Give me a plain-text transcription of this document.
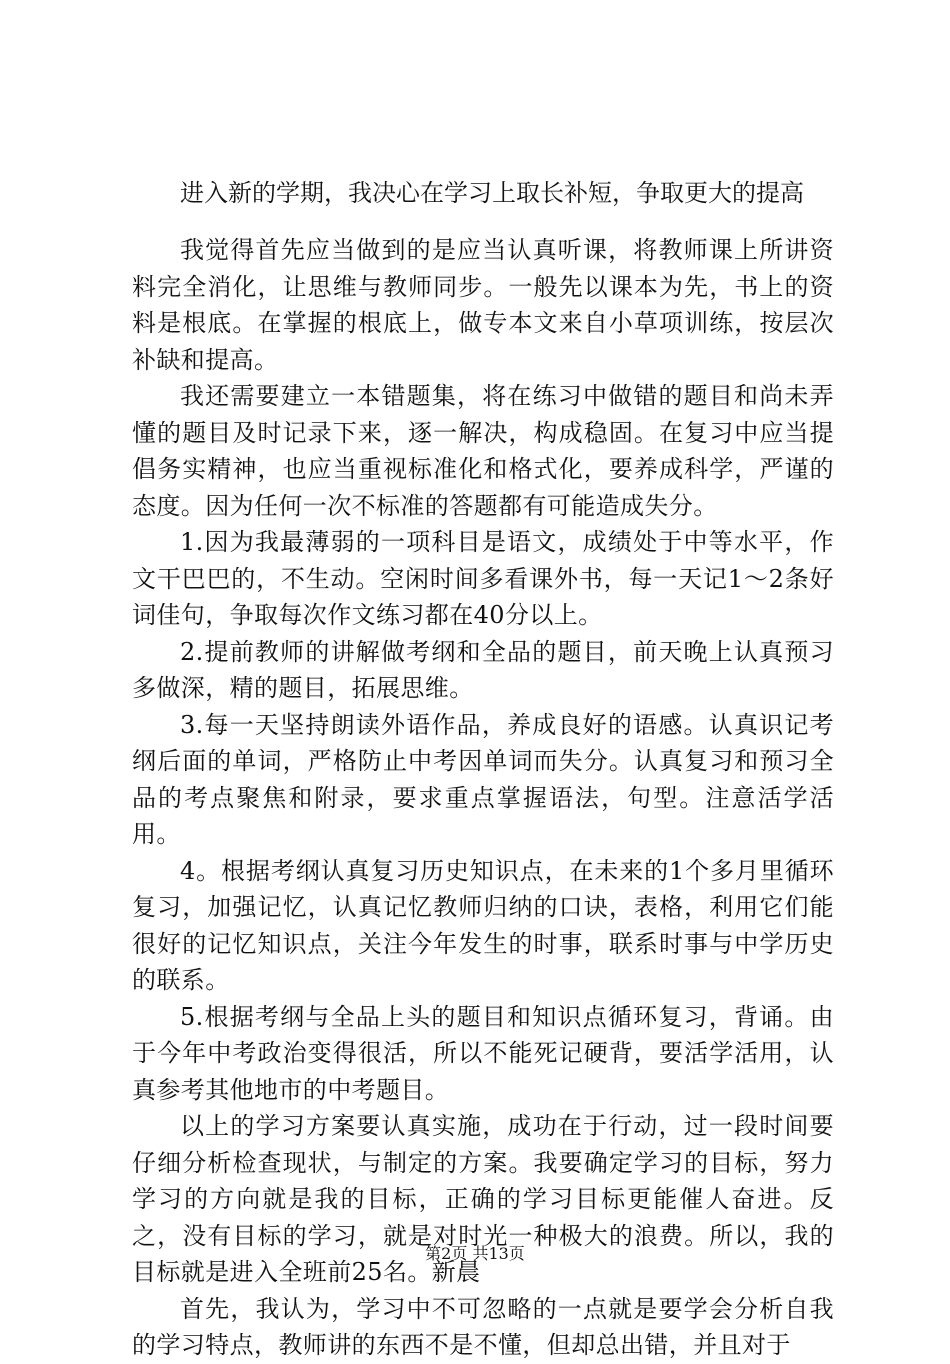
进入新的学期，我决心在学习上取长补短，争取更大的提高

我觉得首先应当做到的是应当认真听课，将教师课上所讲资料完全消化，让思维与教师同步。一般先以课本为先，书上的资料是根底。在掌握的根底上，做专本文来自小草项训练，按层次补缺和提高。

我还需要建立一本错题集，将在练习中做错的题目和尚未弄懂的题目及时记录下来，逐一解决，构成稳固。在复习中应当提倡务实精神，也应当重视标准化和格式化，要养成科学，严谨的态度。因为任何一次不标准的答题都有可能造成失分。

1.因为我最薄弱的一项科目是语文，成绩处于中等水平，作文干巴巴的，不生动。空闲时间多看课外书，每一天记1～2条好词佳句，争取每次作文练习都在40分以上。

2.提前教师的讲解做考纲和全品的题目，前天晚上认真预习多做深，精的题目，拓展思维。

3.每一天坚持朗读外语作品，养成良好的语感。认真识记考纲后面的单词，严格防止中考因单词而失分。认真复习和预习全品的考点聚焦和附录，要求重点掌握语法，句型。注意活学活用。

4。根据考纲认真复习历史知识点，在未来的1个多月里循环复习，加强记忆，认真记忆教师归纳的口诀，表格，利用它们能很好的记忆知识点，关注今年发生的时事，联系时事与中学历史的联系。

5.根据考纲与全品上头的题目和知识点循环复习，背诵。由于今年中考政治变得很活，所以不能死记硬背，要活学活用，认真参考其他地市的中考题目。

以上的学习方案要认真实施，成功在于行动，过一段时间要仔细分析检查现状，与制定的方案。我要确定学习的目标，努力学习的方向就是我的目标，正确的学习目标更能催人奋进。反之，没有目标的学习，就是对时光一种极大的浪费。所以，我的目标就是进入全班前25名。新晨

首先，我认为，学习中不可忽略的一点就是要学会分析自我的学习特点，教师讲的东西不是不懂，但却总出错，并且对于

第2页 共13页
